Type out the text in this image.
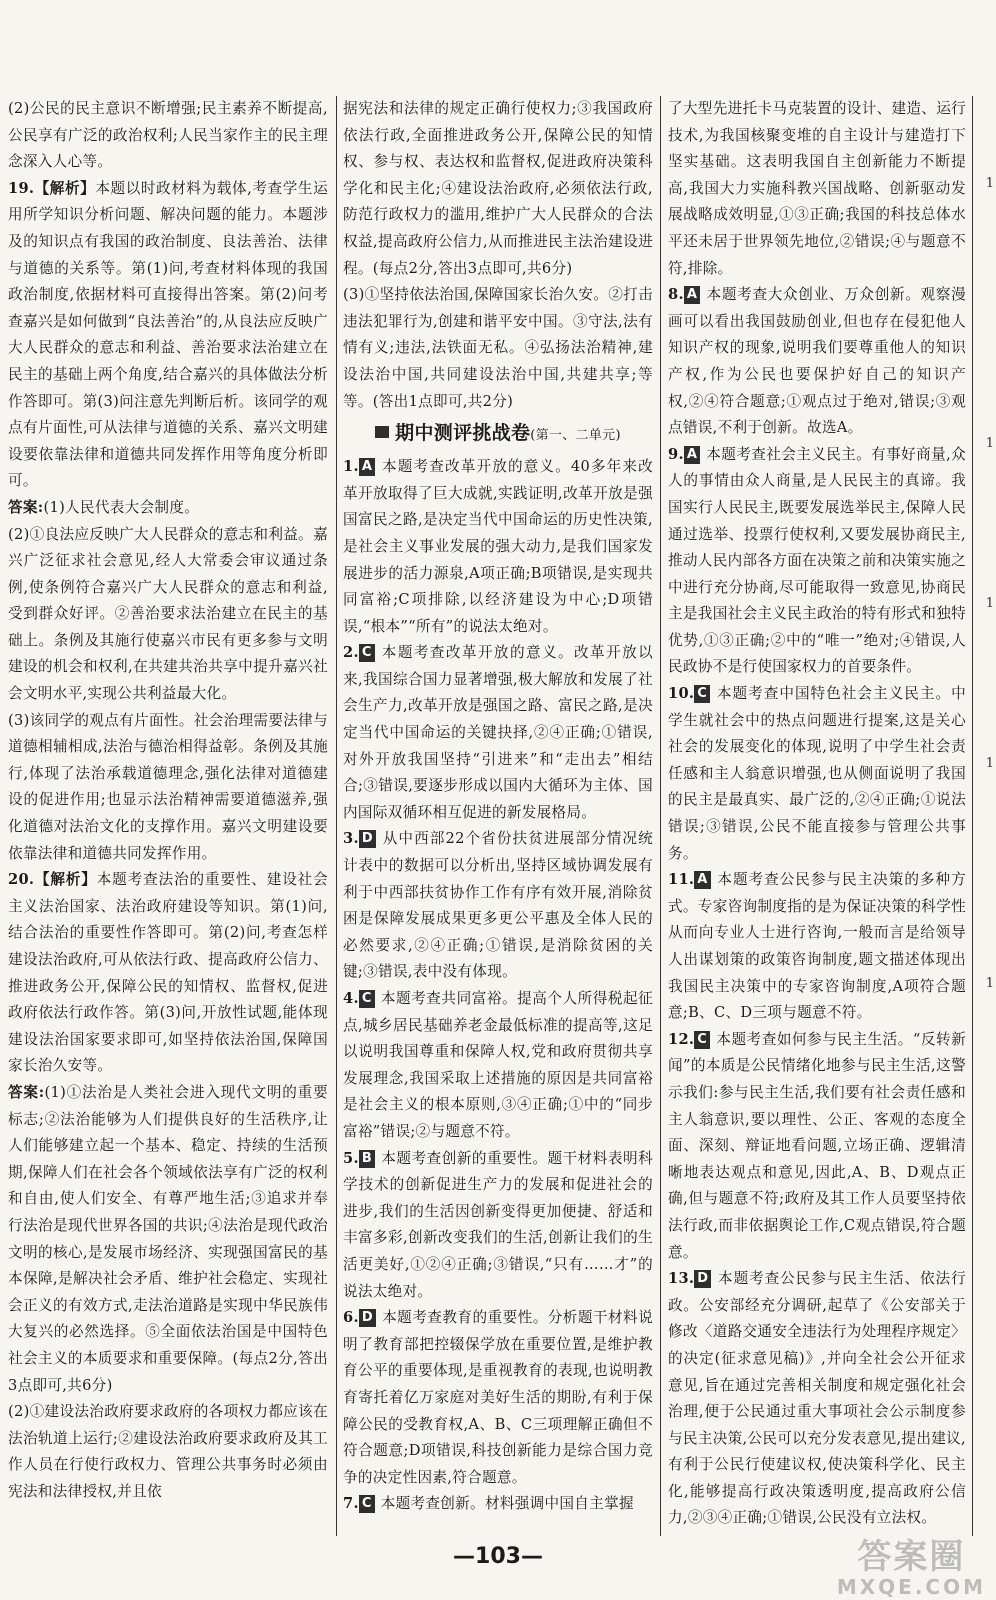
(2)公民的民主意识不断增强;民主素养不断提高,公民享有广泛的政治权利;人民当家作主的民主理念深入人心等。

19.【解析】本题以时政材料为载体,考查学生运用所学知识分析问题、解决问题的能力。本题涉及的知识点有我国的政治制度、良法善治、法律与道德的关系等。第(1)问,考查材料体现的我国政治制度,依据材料可直接得出答案。第(2)问考查嘉兴是如何做到“良法善治”的,从良法应反映广大人民群众的意志和利益、善治要求法治建立在民主的基础上两个角度,结合嘉兴的具体做法分析作答即可。第(3)问注意先判断后析。该同学的观点有片面性,可从法律与道德的关系、嘉兴文明建设要依靠法律和道德共同发挥作用等角度分析即可。

答案:(1)人民代表大会制度。

(2)①良法应反映广大人民群众的意志和利益。嘉兴广泛征求社会意见,经人大常委会审议通过条例,使条例符合嘉兴广大人民群众的意志和利益,受到群众好评。②善治要求法治建立在民主的基础上。条例及其施行使嘉兴市民有更多参与文明建设的机会和权利,在共建共治共享中提升嘉兴社会文明水平,实现公共利益最大化。

(3)该同学的观点有片面性。社会治理需要法律与道德相辅相成,法治与德治相得益彰。条例及其施行,体现了法治承载道德理念,强化法律对道德建设的促进作用;也显示法治精神需要道德滋养,强化道德对法治文化的支撑作用。嘉兴文明建设要依靠法律和道德共同发挥作用。

20.【解析】本题考查法治的重要性、建设社会主义法治国家、法治政府建设等知识。第(1)问,结合法治的重要性作答即可。第(2)问,考查怎样建设法治政府,可从依法行政、提高政府公信力、推进政务公开,保障公民的知情权、监督权,促进政府依法行政作答。第(3)问,开放性试题,能体现建设法治国家要求即可,如坚持依法治国,保障国家长治久安等。

答案:(1)①法治是人类社会进入现代文明的重要标志;②法治能够为人们提供良好的生活秩序,让人们能够建立起一个基本、稳定、持续的生活预期,保障人们在社会各个领域依法享有广泛的权利和自由,使人们安全、有尊严地生活;③追求并奉行法治是现代世界各国的共识;④法治是现代政治文明的核心,是发展市场经济、实现强国富民的基本保障,是解决社会矛盾、维护社会稳定、实现社会正义的有效方式,走法治道路是实现中华民族伟大复兴的必然选择。⑤全面依法治国是中国特色社会主义的本质要求和重要保障。(每点2分,答出3点即可,共6分)

(2)①建设法治政府要求政府的各项权力都应该在法治轨道上运行;②建设法治政府要求政府及其工作人员在行使行政权力、管理公共事务时必须由宪法和法律授权,并且依

据宪法和法律的规定正确行使权力;③我国政府依法行政,全面推进政务公开,保障公民的知情权、参与权、表达权和监督权,促进政府决策科学化和民主化;④建设法治政府,必须依法行政,防范行政权力的滥用,维护广大人民群众的合法权益,提高政府公信力,从而推进民主法治建设进程。(每点2分,答出3点即可,共6分)

(3)①坚持依法治国,保障国家长治久安。②打击违法犯罪行为,创建和谐平安中国。③守法,法有情有义;违法,法铁面无私。④弘扬法治精神,建设法治中国,共同建设法治中国,共建共享;等等。(答出1点即可,共2分)

期中测评挑战卷(第一、二单元)

1. A 本题考查改革开放的意义。40多年来改革开放取得了巨大成就,实践证明,改革开放是强国富民之路,是决定当代中国命运的历史性决策,是社会主义事业发展的强大动力,是我们国家发展进步的活力源泉,A项正确;B项错误,是实现共同富裕;C项排除,以经济建设为中心;D项错误,“根本”“所有”的说法太绝对。

2. C 本题考查改革开放的意义。改革开放以来,我国综合国力显著增强,极大解放和发展了社会生产力,改革开放是强国之路、富民之路,是决定当代中国命运的关键抉择,②④正确;①错误,对外开放我国坚持“引进来”和“走出去”相结合;③错误,要逐步形成以国内大循环为主体、国内国际双循环相互促进的新发展格局。

3. D 从中西部22个省份扶贫进展部分情况统计表中的数据可以分析出,坚持区域协调发展有利于中西部扶贫协作工作有序有效开展,消除贫困是保障发展成果更多更公平惠及全体人民的必然要求,②④正确;①错误,是消除贫困的关键;③错误,表中没有体现。

4. C 本题考查共同富裕。提高个人所得税起征点,城乡居民基础养老金最低标准的提高等,这足以说明我国尊重和保障人权,党和政府贯彻共享发展理念,我国采取上述措施的原因是共同富裕是社会主义的根本原则,③④正确;①中的“同步富裕”错误;②与题意不符。

5. B 本题考查创新的重要性。题干材料表明科学技术的创新促进生产力的发展和促进社会的进步,我们的生活因创新变得更加便捷、舒适和丰富多彩,创新改变我们的生活,创新让我们的生活更美好,①②④正确;③错误,“只有……才”的说法太绝对。

6. D 本题考查教育的重要性。分析题干材料说明了教育部把控辍保学放在重要位置,是维护教育公平的重要体现,是重视教育的表现,也说明教育寄托着亿万家庭对美好生活的期盼,有利于保障公民的受教育权,A、B、C三项理解正确但不符合题意;D项错误,科技创新能力是综合国力竞争的决定性因素,符合题意。

7. C 本题考查创新。材料强调中国自主掌握

了大型先进托卡马克装置的设计、建造、运行技术,为我国核聚变堆的自主设计与建造打下坚实基础。这表明我国自主创新能力不断提高,我国大力实施科教兴国战略、创新驱动发展战略成效明显,①③正确;我国的科技总体水平还未居于世界领先地位,②错误;④与题意不符,排除。

8. A 本题考查大众创业、万众创新。观察漫画可以看出我国鼓励创业,但也存在侵犯他人知识产权的现象,说明我们要尊重他人的知识产权,作为公民也要保护好自己的知识产权,②④符合题意;①观点过于绝对,错误;③观点错误,不利于创新。故选A。

9. A 本题考查社会主义民主。有事好商量,众人的事情由众人商量,是人民民主的真谛。我国实行人民民主,既要发展选举民主,保障人民通过选举、投票行使权利,又要发展协商民主,推动人民内部各方面在决策之前和决策实施之中进行充分协商,尽可能取得一致意见,协商民主是我国社会主义民主政治的特有形式和独特优势,①③正确;②中的“唯一”绝对;④错误,人民政协不是行使国家权力的首要条件。

10. C 本题考查中国特色社会主义民主。中学生就社会中的热点问题进行提案,这是关心社会的发展变化的体现,说明了中学生社会责任感和主人翁意识增强,也从侧面说明了我国的民主是最真实、最广泛的,②④正确;①说法错误;③错误,公民不能直接参与管理公共事务。

11. A 本题考查公民参与民主决策的多种方式。专家咨询制度指的是为保证决策的科学性从而向专业人士进行咨询,一般而言是给领导人出谋划策的政策咨询制度,题文描述体现出我国民主决策中的专家咨询制度,A项符合题意;B、C、D三项与题意不符。

12. C 本题考查如何参与民主生活。“反转新闻”的本质是公民情绪化地参与民主生活,这警示我们:参与民主生活,我们要有社会责任感和主人翁意识,要以理性、公正、客观的态度全面、深刻、辩证地看问题,立场正确、逻辑清晰地表达观点和意见,因此,A、B、D观点正确,但与题意不符;政府及其工作人员要坚持依法行政,而非依据舆论工作,C观点错误,符合题意。

13. D 本题考查公民参与民主生活、依法行政。公安部经充分调研,起草了《公安部关于修改〈道路交通安全违法行为处理程序规定〉的决定(征求意见稿)》,并向全社会公开征求意见,旨在通过完善相关制度和规定强化社会治理,便于公民通过重大事项社会公示制度参与民主决策,公民可以充分发表意见,提出建议,有利于公民行使建议权,使决策科学化、民主化,能够提高行政决策透明度,提高政府公信力,②③④正确;①错误,公民没有立法权。

1
1
1
1
1
—103—	答案圈
MXQE.COM
